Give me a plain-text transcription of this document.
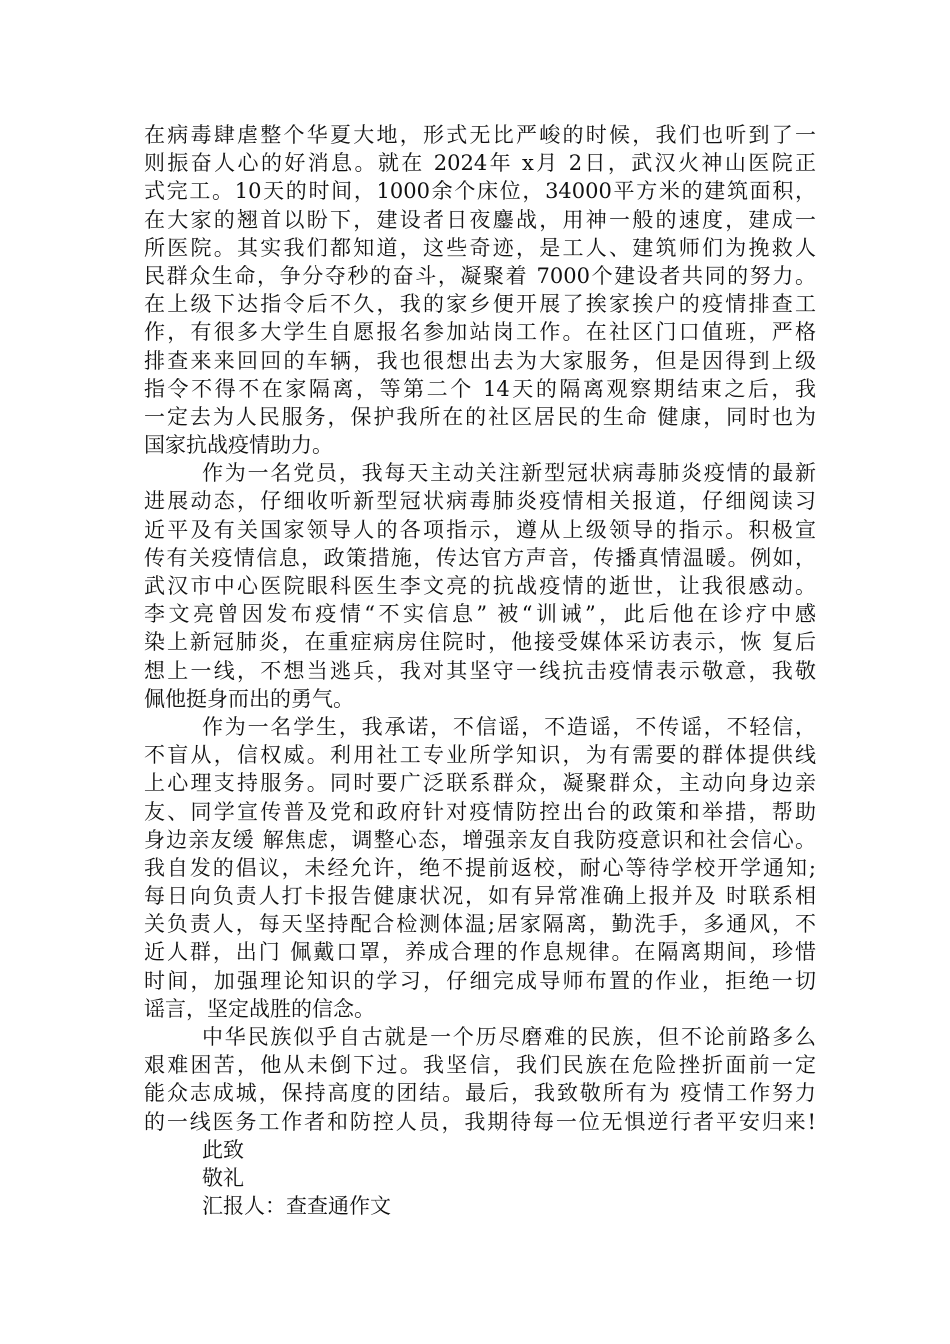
在病毒肆虐整个华夏大地，形式无比严峻的时候，我们也听到了一
则振奋人心的好消息。就在 2024年 x月 2日，武汉火神山医院正
式完工。10天的时间，1000余个床位，34000平方米的建筑面积，
在大家的翘首以盼下，建设者日夜鏖战，用神一般的速度，建成一
所医院。其实我们都知道，这些奇迹，是工人、建筑师们为挽救人
民群众生命，争分夺秒的奋斗，凝聚着 7000个建设者共同的努力。
在上级下达指令后不久，我的家乡便开展了挨家挨户的疫情排查工
作，有很多大学生自愿报名参加站岗工作。在社区门口值班，严格
排查来来回回的车辆，我也很想出去为大家服务，但是因得到上级
指令不得不在家隔离，等第二个 14天的隔离观察期结束之后，我
一定去为人民服务，保护我所在的社区居民的生命 健康，同时也为
国家抗战疫情助力。
作为一名党员，我每天主动关注新型冠状病毒肺炎疫情的最新
进展动态，仔细收听新型冠状病毒肺炎疫情相关报道，仔细阅读习
近平及有关国家领导人的各项指示，遵从上级领导的指示。积极宣
传有关疫情信息，政策措施，传达官方声音，传播真情温暖。例如，
武汉市中心医院眼科医生李文亮的抗战疫情的逝世，让我很感动。
李文亮曾因发布疫情“不实信息” 被“训诫”，此后他在诊疗中感
染上新冠肺炎，在重症病房住院时，他接受媒体采访表示，恢 复后
想上一线，不想当逃兵，我对其坚守一线抗击疫情表示敬意，我敬
佩他挺身而出的勇气。
作为一名学生，我承诺，不信谣，不造谣，不传谣，不轻信，
不盲从，信权威。利用社工专业所学知识，为有需要的群体提供线
上心理支持服务。同时要广泛联系群众，凝聚群众，主动向身边亲
友、同学宣传普及党和政府针对疫情防控出台的政策和举措，帮助
身边亲友缓 解焦虑，调整心态，增强亲友自我防疫意识和社会信心。
我自发的倡议，未经允许，绝不提前返校，耐心等待学校开学通知;
每日向负责人打卡报告健康状况，如有异常准确上报并及 时联系相
关负责人，每天坚持配合检测体温;居家隔离，勤洗手，多通风，不
近人群，出门 佩戴口罩，养成合理的作息规律。在隔离期间，珍惜
时间，加强理论知识的学习，仔细完成导师布置的作业，拒绝一切
谣言，坚定战胜的信念。
中华民族似乎自古就是一个历尽磨难的民族，但不论前路多么
艰难困苦，他从未倒下过。我坚信，我们民族在危险挫折面前一定
能众志成城，保持高度的团结。最后，我致敬所有为 疫情工作努力
的一线医务工作者和防控人员，我期待每一位无惧逆行者平安归来!
此致
敬礼
汇报人：查查通作文
